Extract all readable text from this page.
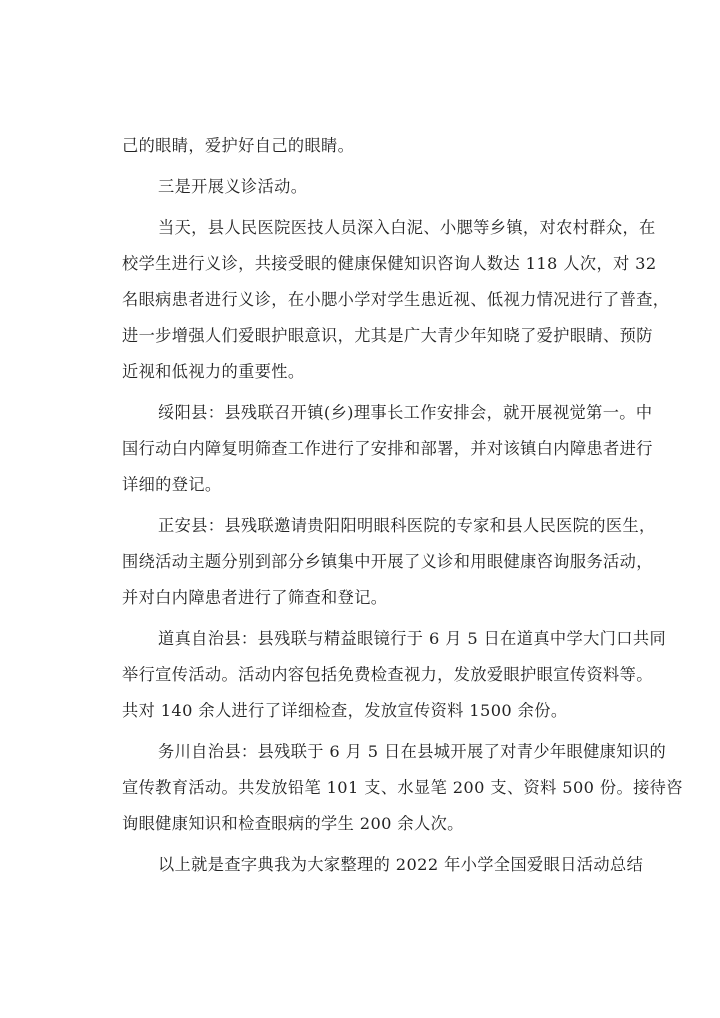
己的眼睛，爱护好自己的眼睛。
三是开展义诊活动。
当天，县人民医院医技人员深入白泥、小腮等乡镇，对农村群众，在
校学生进行义诊，共接受眼的健康保健知识咨询人数达 118 人次，对 32
名眼病患者进行义诊，在小腮小学对学生患近视、低视力情况进行了普查，
进一步增强人们爱眼护眼意识，尤其是广大青少年知晓了爱护眼睛、预防
近视和低视力的重要性。
绥阳县：县残联召开镇(乡)理事长工作安排会，就开展视觉第一。中
国行动白内障复明筛查工作进行了安排和部署，并对该镇白内障患者进行
详细的登记。
正安县：县残联邀请贵阳阳明眼科医院的专家和县人民医院的医生，
围绕活动主题分别到部分乡镇集中开展了义诊和用眼健康咨询服务活动，
并对白内障患者进行了筛查和登记。
道真自治县：县残联与精益眼镜行于 6 月 5 日在道真中学大门口共同
举行宣传活动。活动内容包括免费检查视力，发放爱眼护眼宣传资料等。
共对 140 余人进行了详细检查，发放宣传资料 1500 余份。
务川自治县：县残联于 6 月 5 日在县城开展了对青少年眼健康知识的
宣传教育活动。共发放铅笔 101 支、水显笔 200 支、资料 500 份。接待咨
询眼健康知识和检查眼病的学生 200 余人次。
以上就是查字典我为大家整理的 2022 年小学全国爱眼日活动总结
